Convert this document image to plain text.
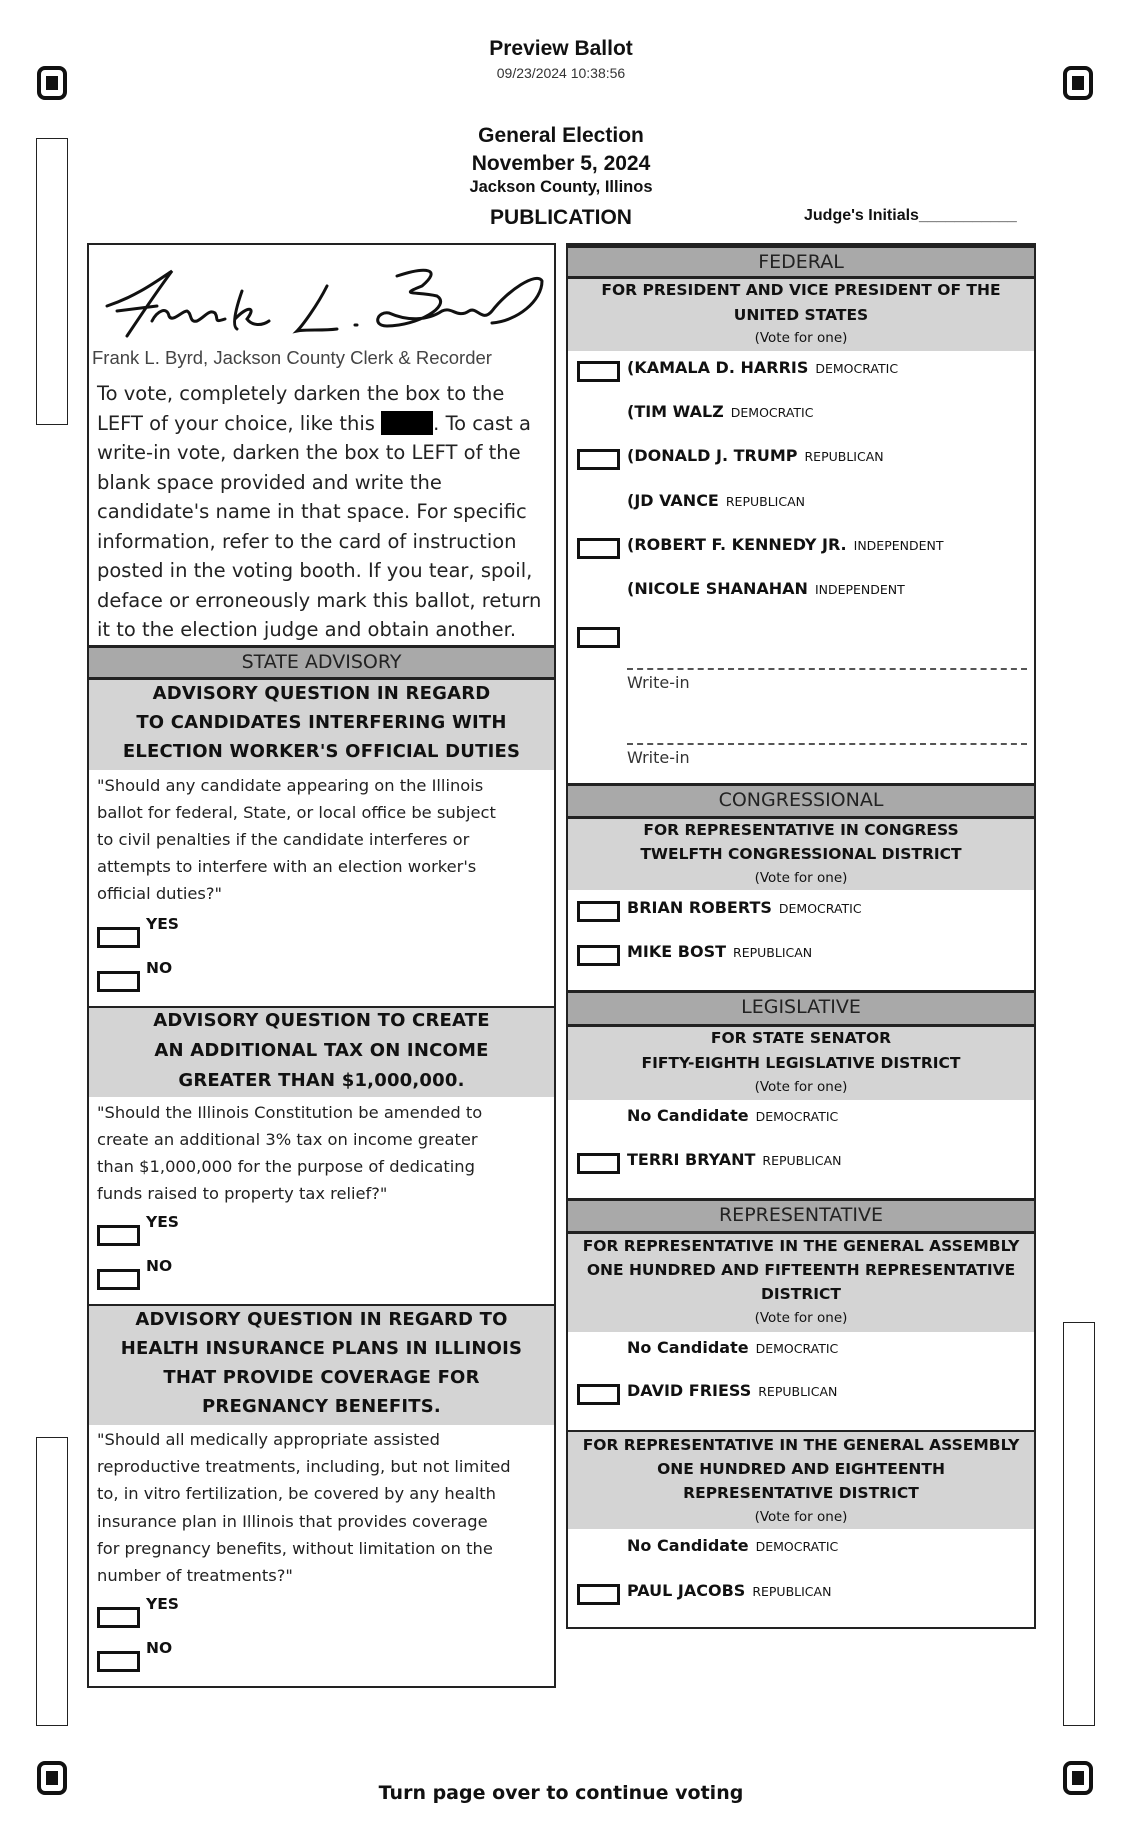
Preview Ballot
09/23/2024 10:38:56
General Election
November 5, 2024
Jackson County, Illinos
PUBLICATION	Judge's Initials___________
Frank L. Byrd, Jackson County Clerk & Recorder
To vote, completely darken the box to the
LEFT of your choice, like this	. To cast a
write-in vote, darken the box to LEFT of the
blank space provided and write the
candidate's name in that space. For specific
information, refer to the card of instruction
posted in the voting booth. If you tear, spoil,
deface or erroneously mark this ballot, return
it to the election judge and obtain another.
STATE ADVISORY
ADVISORY QUESTION IN REGARD
TO CANDIDATES INTERFERING WITH
ELECTION WORKER'S OFFICIAL DUTIES
"Should any candidate appearing on the Illinois
ballot for federal, State, or local office be subject
to civil penalties if the candidate interferes or
attempts to interfere with an election worker's
official duties?"
YES
NO
ADVISORY QUESTION TO CREATE
AN ADDITIONAL TAX ON INCOME
GREATER THAN $1,000,000.
"Should the Illinois Constitution be amended to
create an additional 3% tax on income greater
than $1,000,000 for the purpose of dedicating
funds raised to property tax relief?"
YES
NO
ADVISORY QUESTION IN REGARD TO
HEALTH INSURANCE PLANS IN ILLINOIS
THAT PROVIDE COVERAGE FOR
PREGNANCY BENEFITS.
"Should all medically appropriate assisted
reproductive treatments, including, but not limited
to, in vitro fertilization, be covered by any health
insurance plan in Illinois that provides coverage
for pregnancy benefits, without limitation on the
number of treatments?"
YES
NO
FEDERAL
FOR PRESIDENT AND VICE PRESIDENT OF THE
UNITED STATES
(Vote for one)
(KAMALA D. HARRIS DEMOCRATIC
(TIM WALZ DEMOCRATIC
(DONALD J. TRUMP REPUBLICAN
(JD VANCE REPUBLICAN
(ROBERT F. KENNEDY JR. INDEPENDENT
(NICOLE SHANAHAN INDEPENDENT
Write-in
Write-in
CONGRESSIONAL
FOR REPRESENTATIVE IN CONGRESS
TWELFTH CONGRESSIONAL DISTRICT
(Vote for one)
BRIAN ROBERTS DEMOCRATIC
MIKE BOST REPUBLICAN
LEGISLATIVE
FOR STATE SENATOR
FIFTY-EIGHTH LEGISLATIVE DISTRICT
(Vote for one)
No Candidate DEMOCRATIC
TERRI BRYANT REPUBLICAN
REPRESENTATIVE
FOR REPRESENTATIVE IN THE GENERAL ASSEMBLY
ONE HUNDRED AND FIFTEENTH REPRESENTATIVE
DISTRICT
(Vote for one)
No Candidate DEMOCRATIC
DAVID FRIESS REPUBLICAN
FOR REPRESENTATIVE IN THE GENERAL ASSEMBLY
ONE HUNDRED AND EIGHTEENTH
REPRESENTATIVE DISTRICT
(Vote for one)
No Candidate DEMOCRATIC
PAUL JACOBS REPUBLICAN
Turn page over to continue voting
